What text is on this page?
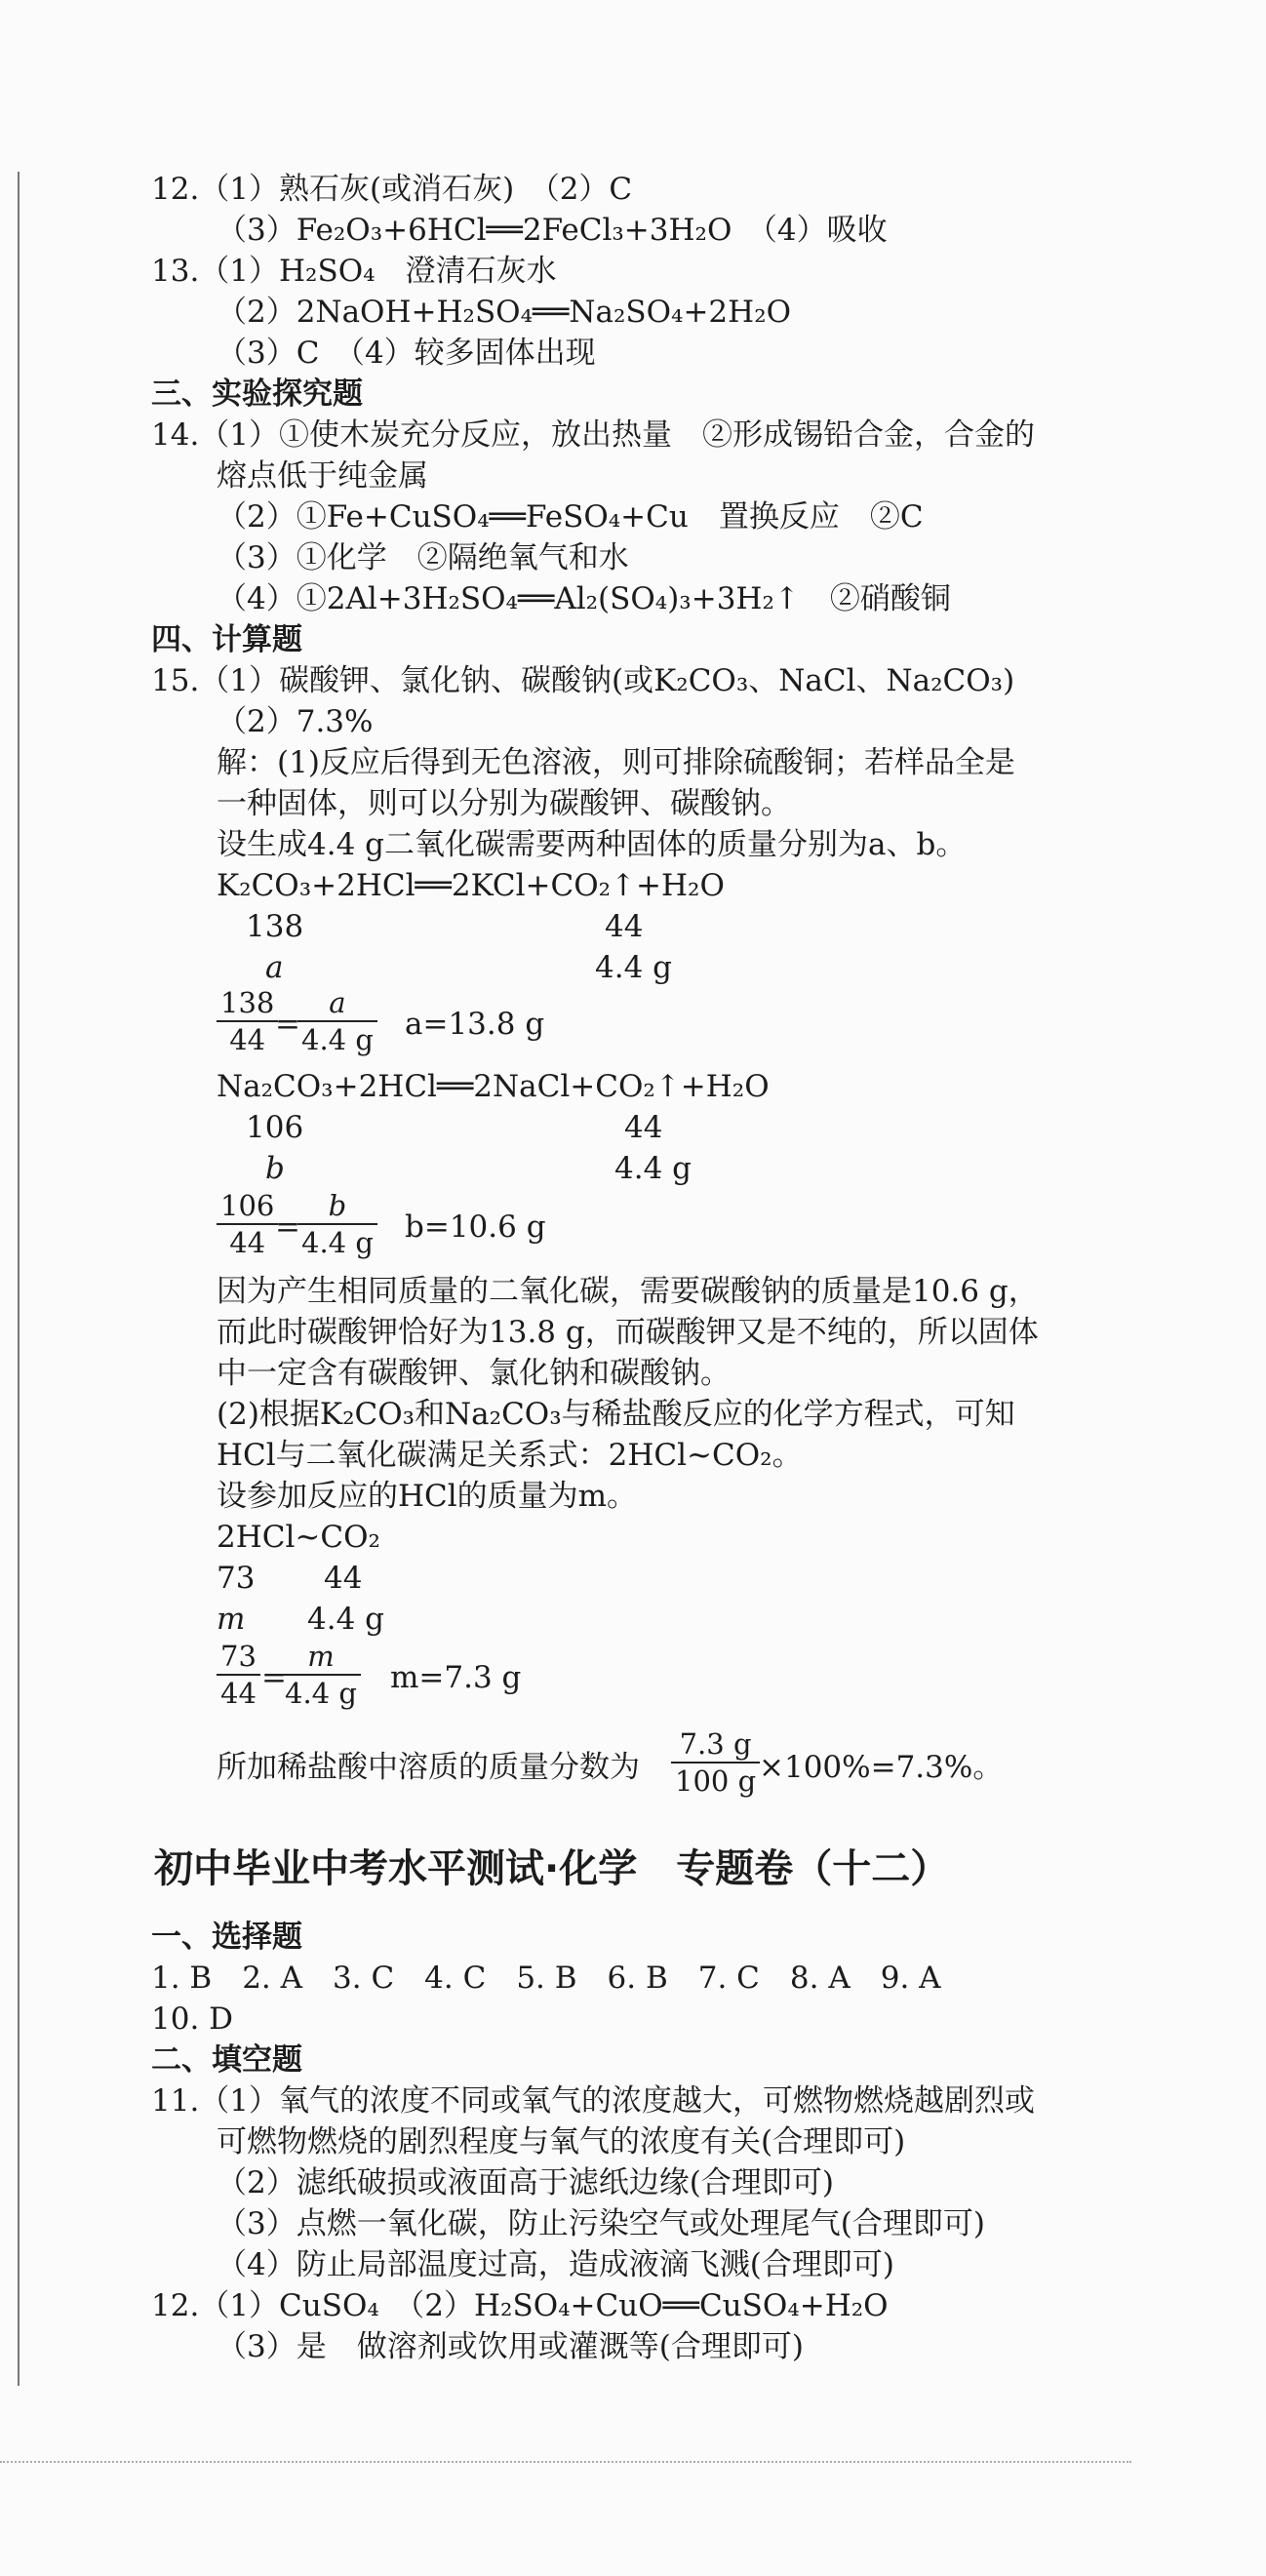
12.（1）熟石灰(或消石灰)　（2）C
（3）Fe₂O₃+6HCl══2FeCl₃+3H₂O　（4）吸收
13.（1）H₂SO₄　澄清石灰水
（2）2NaOH+H₂SO₄══Na₂SO₄+2H₂O
（3）C　（4）较多固体出现
三、实验探究题
14.（1）①使木炭充分反应，放出热量　②形成锡铅合金，合金的
熔点低于纯金属
（2）①Fe+CuSO₄══FeSO₄+Cu　置换反应　②C
（3）①化学　②隔绝氧气和水
（4）①2Al+3H₂SO₄══Al₂(SO₄)₃+3H₂↑　②硝酸铜
四、计算题
15.（1）碳酸钾、氯化钠、碳酸钠(或K₂CO₃、NaCl、Na₂CO₃)
（2）7.3%
解：(1)反应后得到无色溶液，则可排除硫酸铜；若样品全是
一种固体，则可以分别为碳酸钾、碳酸钠。
设生成4.4 g二氧化碳需要两种固体的质量分别为a、b。
K₂CO₃+2HCl══2KCl+CO₂↑+H₂O
138	44
a	4.4 g
$\frac{138}{44}$
=
$\frac{a}{4.4 g} a=13.8$ g
Na₂CO₃+2HCl══2NaCl+CO₂↑+H₂O
106	44
b	4.4 g
$\frac{106}{44}$
=
$\frac{b}{4.4 g} b=10.6$ g
因为产生相同质量的二氧化碳，需要碳酸钠的质量是10.6 g，
而此时碳酸钾恰好为13.8 g，而碳酸钾又是不纯的，所以固体
中一定含有碳酸钾、氯化钠和碳酸钠。
(2)根据K₂CO₃和Na₂CO₃与稀盐酸反应的化学方程式，可知
HCl与二氧化碳满足关系式：2HCl~CO₂。
设参加反应的HCl的质量为m。
2HCl~CO₂
73 44
m 4.4 g
$\frac{73}{44}$ =
$\frac{m}{4.4 g} m=7.3$ g
所加稀盐酸中溶质的质量分数为 $\frac{7.3 g}{100 g}$
×100%=7.3%。
初中毕业中考水平测试·化学　专题卷（十二）
一、选择题
1. B　2. A　3. C　4. C　5. B　6. B　7. C　8. A　9. A
10. D
二、填空题
11.（1）氧气的浓度不同或氧气的浓度越大，可燃物燃烧越剧烈或
可燃物燃烧的剧烈程度与氧气的浓度有关(合理即可)
（2）滤纸破损或液面高于滤纸边缘(合理即可)
（3）点燃一氧化碳，防止污染空气或处理尾气(合理即可)
（4）防止局部温度过高，造成液滴飞溅(合理即可)
12.（1）CuSO₄　（2）H₂SO₄+CuO══CuSO₄+H₂O
（3）是　做溶剂或饮用或灌溉等(合理即可)
